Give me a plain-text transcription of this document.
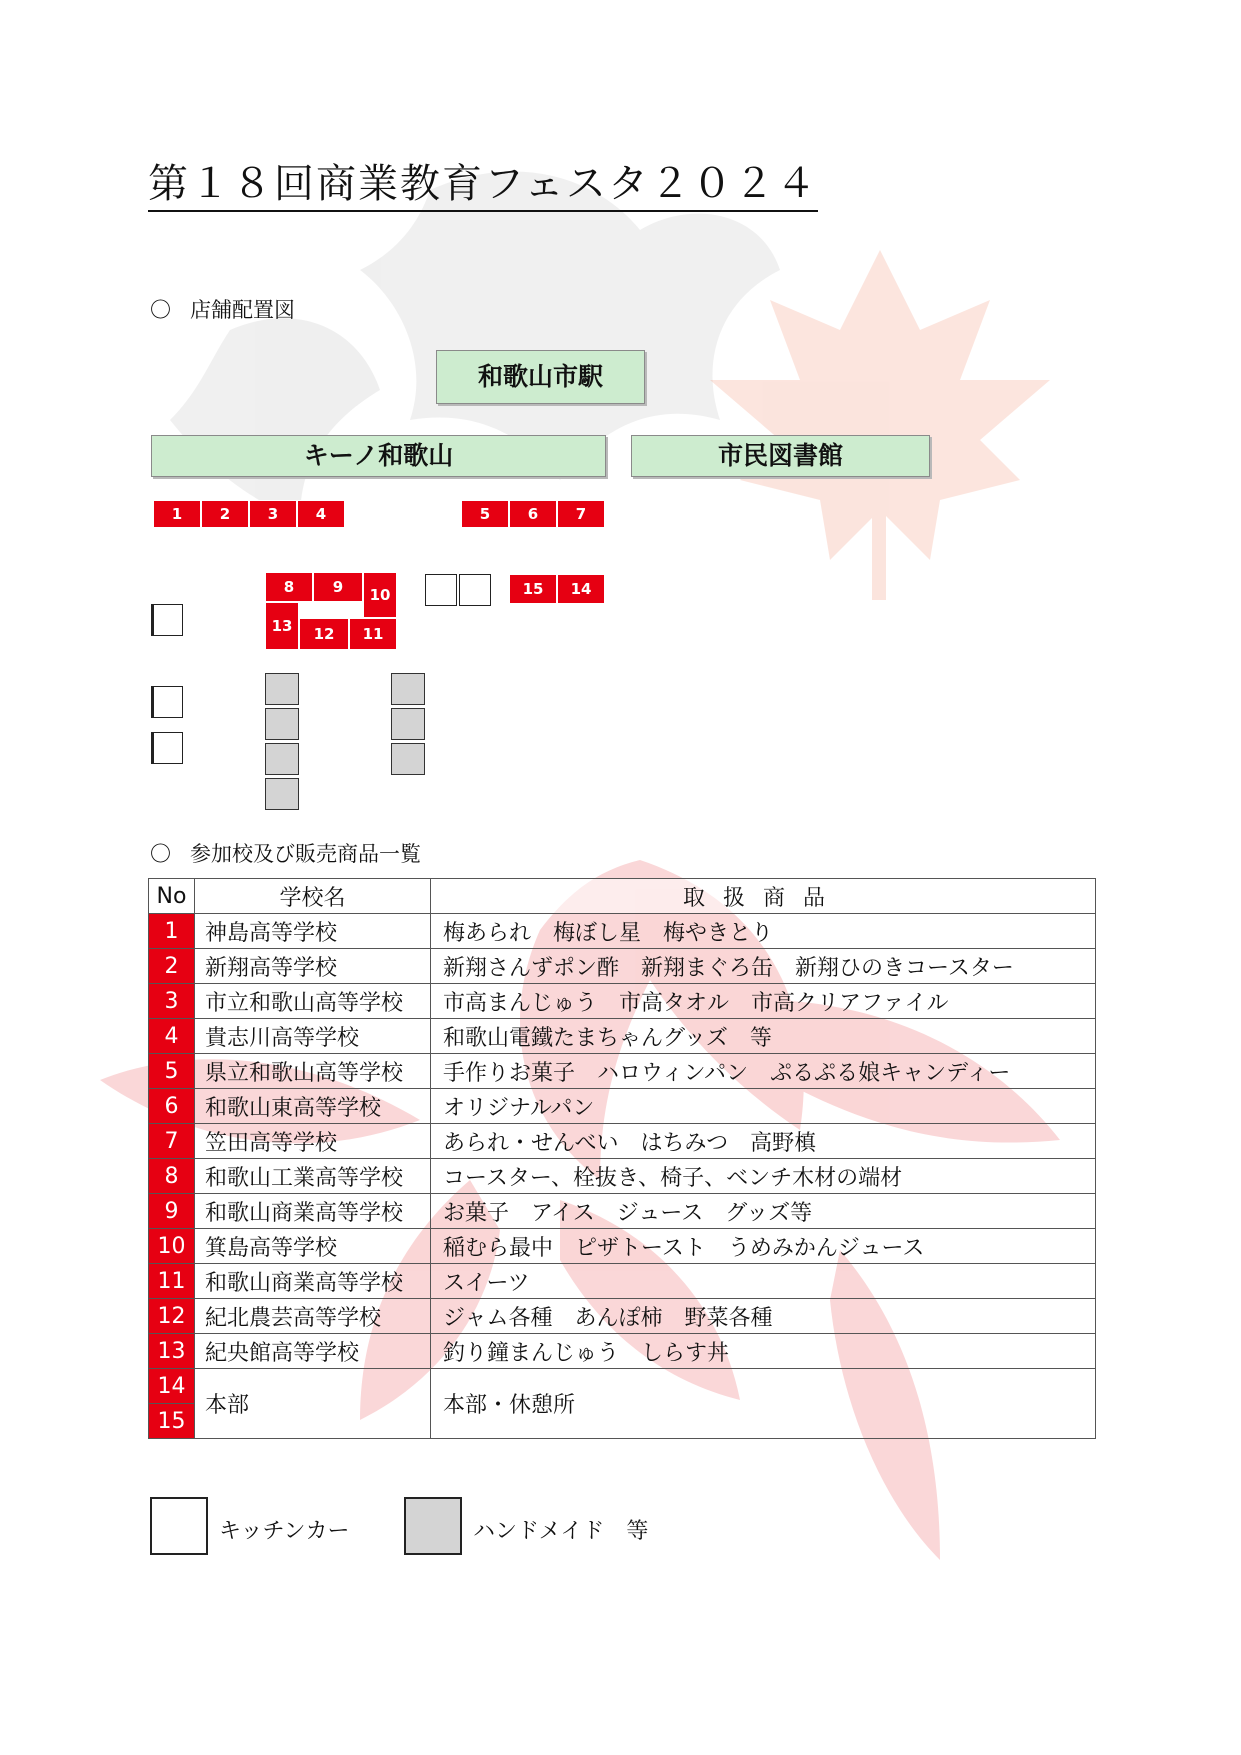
第１８回商業教育フェスタ２０２４
〇 店舗配置図
和歌山市駅
キーノ和歌山	市民図書館
1	2	3	4	5	6	7
8	9	10
13	12	11
15	14
〇 参加校及び販売商品一覧
No	学校名	取扱商品
1	神島高等学校	梅あられ　梅ぼし星　梅やきとり
2	新翔高等学校	新翔さんずポン酢　新翔まぐろ缶　新翔ひのきコースター
3	市立和歌山高等学校	市高まんじゅう　市高タオル　市高クリアファイル
4	貴志川高等学校	和歌山電鐵たまちゃんグッズ　等
5	県立和歌山高等学校	手作りお菓子　ハロウィンパン　ぷるぷる娘キャンディー
6	和歌山東高等学校	オリジナルパン
7	笠田高等学校	あられ・せんべい　はちみつ　高野槙
8	和歌山工業高等学校	コースター、栓抜き、椅子、ベンチ木材の端材
9	和歌山商業高等学校	お菓子　アイス　ジュース　グッズ等
10	箕島高等学校	稲むら最中　ピザトースト　うめみかんジュース
11	和歌山商業高等学校	スイーツ
12	紀北農芸高等学校	ジャム各種　あんぽ柿　野菜各種
13	紀央館高等学校	釣り鐘まんじゅう　しらす丼
14	本部	本部・休憩所
15		
キッチンカー	ハンドメイド　等
